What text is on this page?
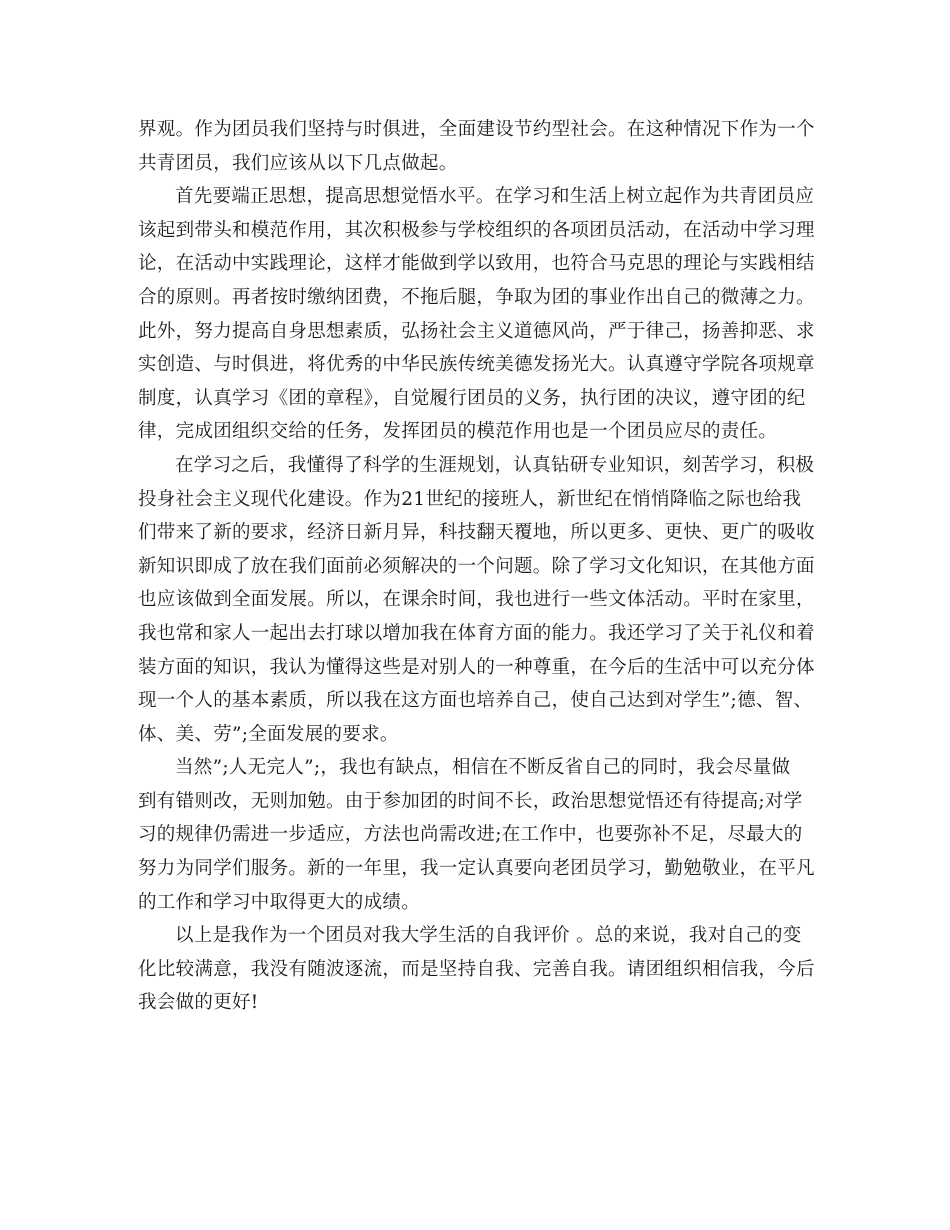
界观。作为团员我们坚持与时俱进，全面建设节约型社会。在这种情况下作为一个
共青团员，我们应该从以下几点做起。

首先要端正思想，提高思想觉悟水平。在学习和生活上树立起作为共青团员应
该起到带头和模范作用，其次积极参与学校组织的各项团员活动，在活动中学习理
论，在活动中实践理论，这样才能做到学以致用，也符合马克思的理论与实践相结
合的原则。再者按时缴纳团费，不拖后腿，争取为团的事业作出自己的微薄之力。
此外，努力提高自身思想素质，弘扬社会主义道德风尚，严于律己，扬善抑恶、求
实创造、与时俱进，将优秀的中华民族传统美德发扬光大。认真遵守学院各项规章
制度，认真学习《团的章程》，自觉履行团员的义务，执行团的决议，遵守团的纪
律，完成团组织交给的任务，发挥团员的模范作用也是一个团员应尽的责任。

在学习之后，我懂得了科学的生涯规划，认真钻研专业知识，刻苦学习，积极
投身社会主义现代化建设。作为21世纪的接班人，新世纪在悄悄降临之际也给我
们带来了新的要求，经济日新月异，科技翻天覆地，所以更多、更快、更广的吸收
新知识即成了放在我们面前必须解决的一个问题。除了学习文化知识，在其他方面
也应该做到全面发展。所以，在课余时间，我也进行一些文体活动。平时在家里，
我也常和家人一起出去打球以增加我在体育方面的能力。我还学习了关于礼仪和着
装方面的知识，我认为懂得这些是对别人的一种尊重，在今后的生活中可以充分体
现一个人的基本素质，所以我在这方面也培养自己，使自己达到对学生”;德、智、
体、美、劳”;全面发展的要求。

当然”;人无完人”;，我也有缺点，相信在不断反省自己的同时，我会尽量做
到有错则改，无则加勉。由于参加团的时间不长，政治思想觉悟还有待提高;对学
习的规律仍需进一步适应，方法也尚需改进;在工作中，也要弥补不足，尽最大的
努力为同学们服务。新的一年里，我一定认真要向老团员学习，勤勉敬业，在平凡
的工作和学习中取得更大的成绩。

以上是我作为一个团员对我大学生活的自我评价 。总的来说，我对自己的变
化比较满意，我没有随波逐流，而是坚持自我、完善自我。请团组织相信我，今后
我会做的更好!
